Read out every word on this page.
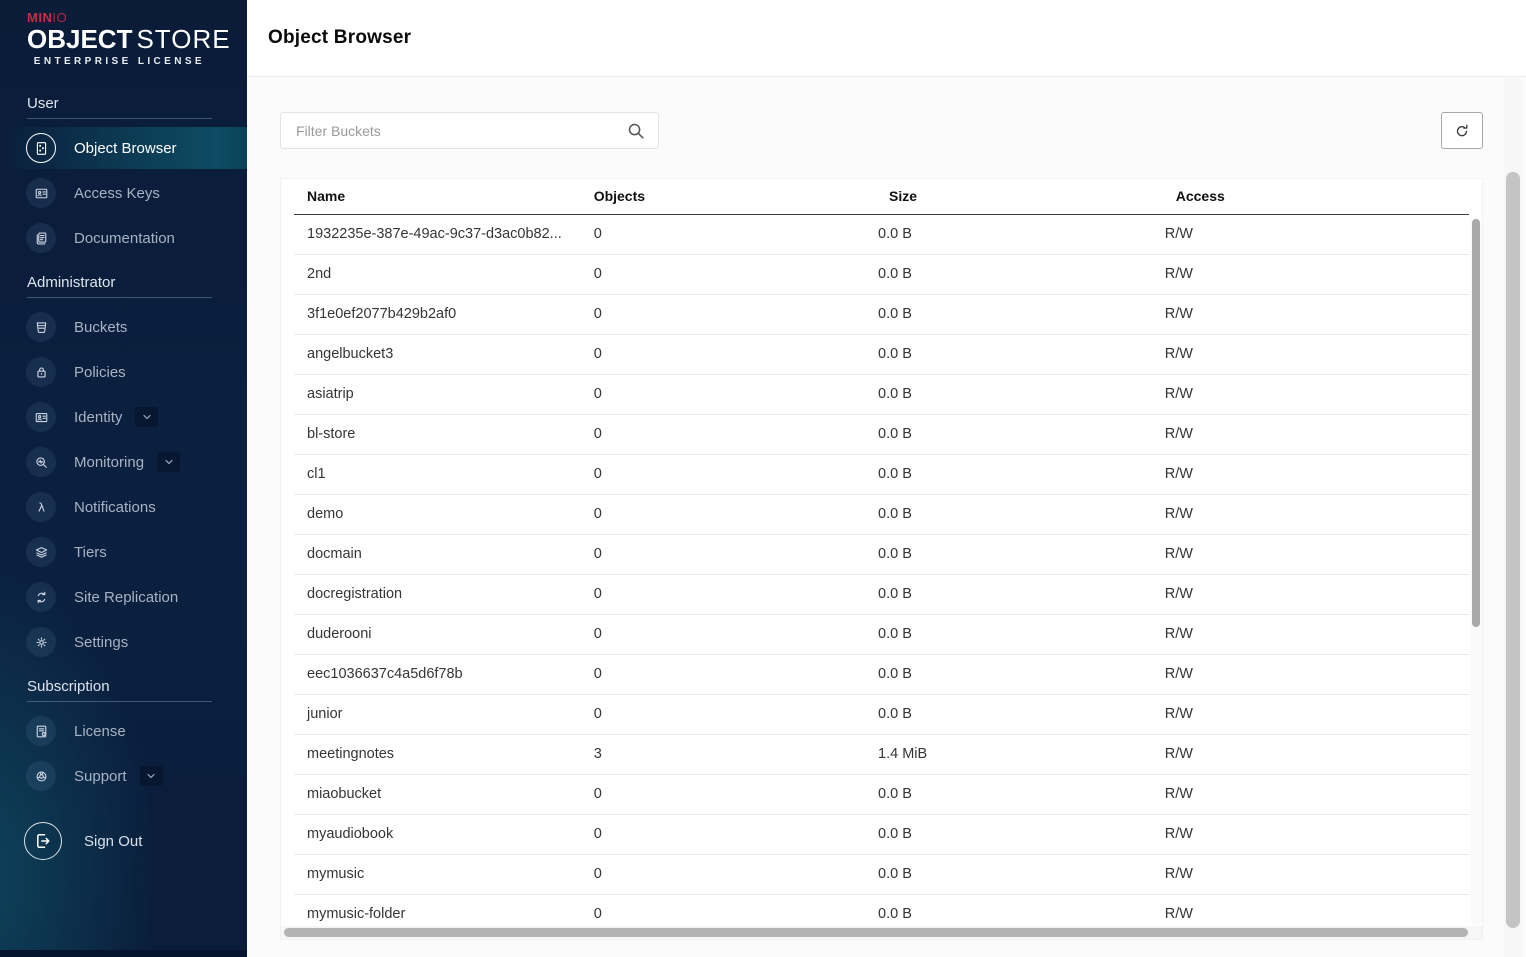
MINIO
OBJECT STORE
ENTERPRISE LICENSE
User
Object Browser
Access Keys
Documentation
Administrator
Buckets
Policies
Identity
Monitoring
λ Notifications
Tiers
Site Replication
Settings
Subscription
License
Support
Sign Out
Object Browser
Filter Buckets
Name	Objects	Size	Access
1932235e-387e-49ac-9c37-d3ac0b82...	0	0.0 B	R/W
2nd	0	0.0 B	R/W
3f1e0ef2077b429b2af0	0	0.0 B	R/W
angelbucket3	0	0.0 B	R/W
asiatrip	0	0.0 B	R/W
bl-store	0	0.0 B	R/W
cl1	0	0.0 B	R/W
demo	0	0.0 B	R/W
docmain	0	0.0 B	R/W
docregistration	0	0.0 B	R/W
duderooni	0	0.0 B	R/W
eec1036637c4a5d6f78b	0	0.0 B	R/W
junior	0	0.0 B	R/W
meetingnotes	3	1.4 MiB	R/W
miaobucket	0	0.0 B	R/W
myaudiobook	0	0.0 B	R/W
mymusic	0	0.0 B	R/W
mymusic-folder	0	0.0 B	R/W
